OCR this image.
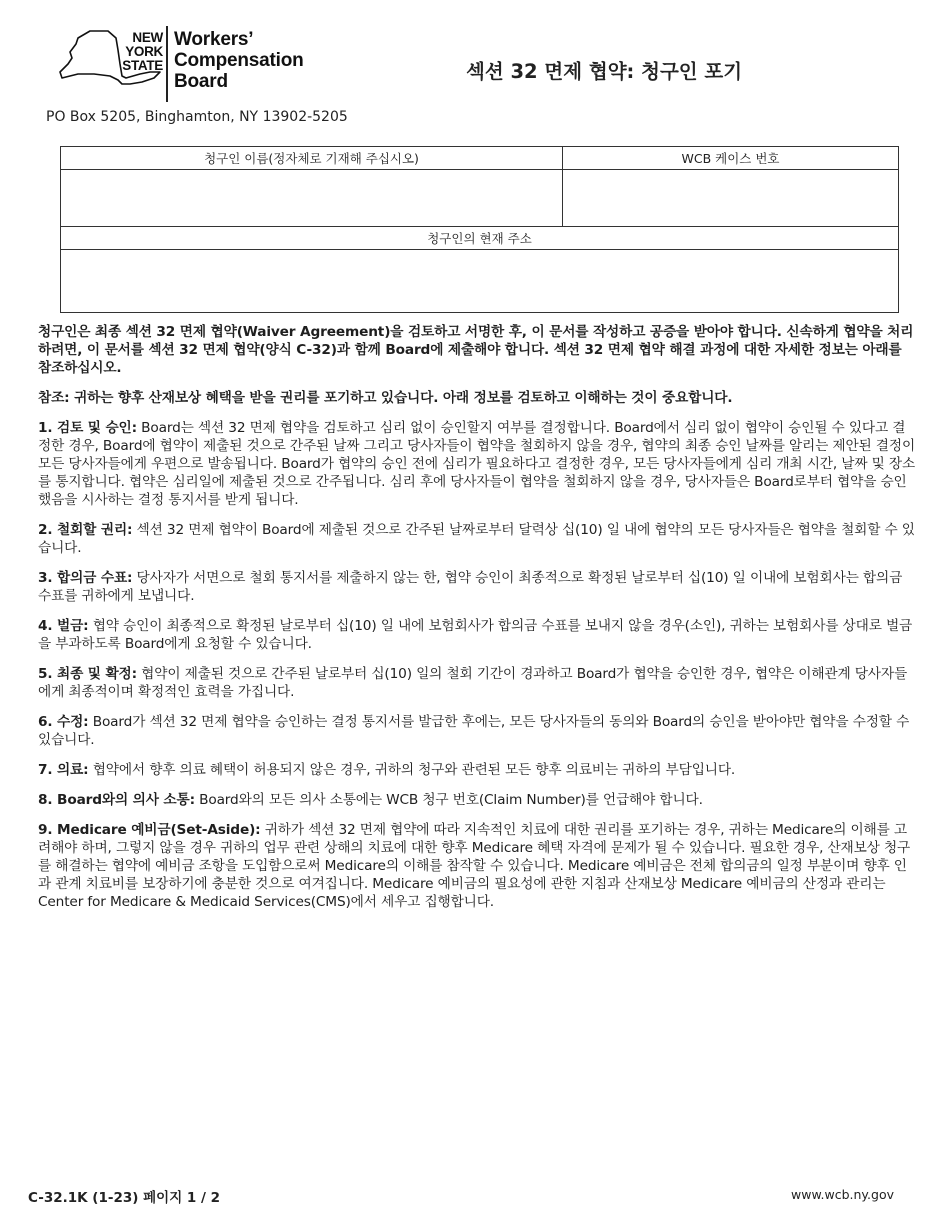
NEW
YORK
STATE
Workers’
Compensation
Board	섹션 32 면제 협약: 청구인 포기
PO Box 5205, Binghamton, NY 13902-5205
청구인 이름(정자체로 기재해 주십시오)	WCB 케이스 번호

청구인의 현재 주소	

청구인은 최종 섹션 32 면제 협약(Waiver Agreement)을 검토하고 서명한 후, 이 문서를 작성하고 공증을 받아야 합니다. 신속하게 협약을 처리하려면, 이 문서를 섹션 32 면제 협약(양식 C-32)과 함께 Board에 제출해야 합니다. 섹션 32 면제 협약 해결 과정에 대한 자세한 정보는 아래를 참조하십시오.

참조: 귀하는 향후 산재보상 혜택을 받을 권리를 포기하고 있습니다. 아래 정보를 검토하고 이해하는 것이 중요합니다.

1. 검토 및 승인: Board는 섹션 32 면제 협약을 검토하고 심리 없이 승인할지 여부를 결정합니다. Board에서 심리 없이 협약이 승인될 수 있다고 결정한 경우, Board에 협약이 제출된 것으로 간주된 날짜 그리고 당사자들이 협약을 철회하지 않을 경우, 협약의 최종 승인 날짜를 알리는 제안된 결정이 모든 당사자들에게 우편으로 발송됩니다. Board가 협약의 승인 전에 심리가 필요하다고 결정한 경우, 모든 당사자들에게 심리 개최 시간, 날짜 및 장소를 통지합니다. 협약은 심리일에 제출된 것으로 간주됩니다. 심리 후에 당사자들이 협약을 철회하지 않을 경우, 당사자들은 Board로부터 협약을 승인했음을 시사하는 결정 통지서를 받게 됩니다.

2. 철회할 권리: 섹션 32 면제 협약이 Board에 제출된 것으로 간주된 날짜로부터 달력상 십(10) 일 내에 협약의 모든 당사자들은 협약을 철회할 수 있습니다.

3. 합의금 수표: 당사자가 서면으로 철회 통지서를 제출하지 않는 한, 협약 승인이 최종적으로 확정된 날로부터 십(10) 일 이내에 보험회사는 합의금 수표를 귀하에게 보냅니다.

4. 벌금: 협약 승인이 최종적으로 확정된 날로부터 십(10) 일 내에 보험회사가 합의금 수표를 보내지 않을 경우(소인), 귀하는 보험회사를 상대로 벌금을 부과하도록 Board에게 요청할 수 있습니다.

5. 최종 및 확정: 협약이 제출된 것으로 간주된 날로부터 십(10) 일의 철회 기간이 경과하고 Board가 협약을 승인한 경우, 협약은 이해관계 당사자들에게 최종적이며 확정적인 효력을 가집니다.

6. 수정: Board가 섹션 32 면제 협약을 승인하는 결정 통지서를 발급한 후에는, 모든 당사자들의 동의와 Board의 승인을 받아야만 협약을 수정할 수 있습니다.

7. 의료: 협약에서 향후 의료 혜택이 허용되지 않은 경우, 귀하의 청구와 관련된 모든 향후 의료비는 귀하의 부담입니다.

8. Board와의 의사 소통: Board와의 모든 의사 소통에는 WCB 청구 번호(Claim Number)를 언급해야 합니다.

9. Medicare 예비금(Set-Aside): 귀하가 섹션 32 면제 협약에 따라 지속적인 치료에 대한 권리를 포기하는 경우, 귀하는 Medicare의 이해를 고려해야 하며, 그렇지 않을 경우 귀하의 업무 관련 상해의 치료에 대한 향후 Medicare 혜택 자격에 문제가 될 수 있습니다. 필요한 경우, 산재보상 청구를 해결하는 협약에 예비금 조항을 도입함으로써 Medicare의 이해를 참작할 수 있습니다. Medicare 예비금은 전체 합의금의 일정 부분이며 향후 인과 관계 치료비를 보장하기에 충분한 것으로 여겨집니다. Medicare 예비금의 필요성에 관한 지침과 산재보상 Medicare 예비금의 산정과 관리는 Center for Medicare & Medicaid Services(CMS)에서 세우고 집행합니다.

C-32.1K (1-23) 페이지 1 / 2	www.wcb.ny.gov
